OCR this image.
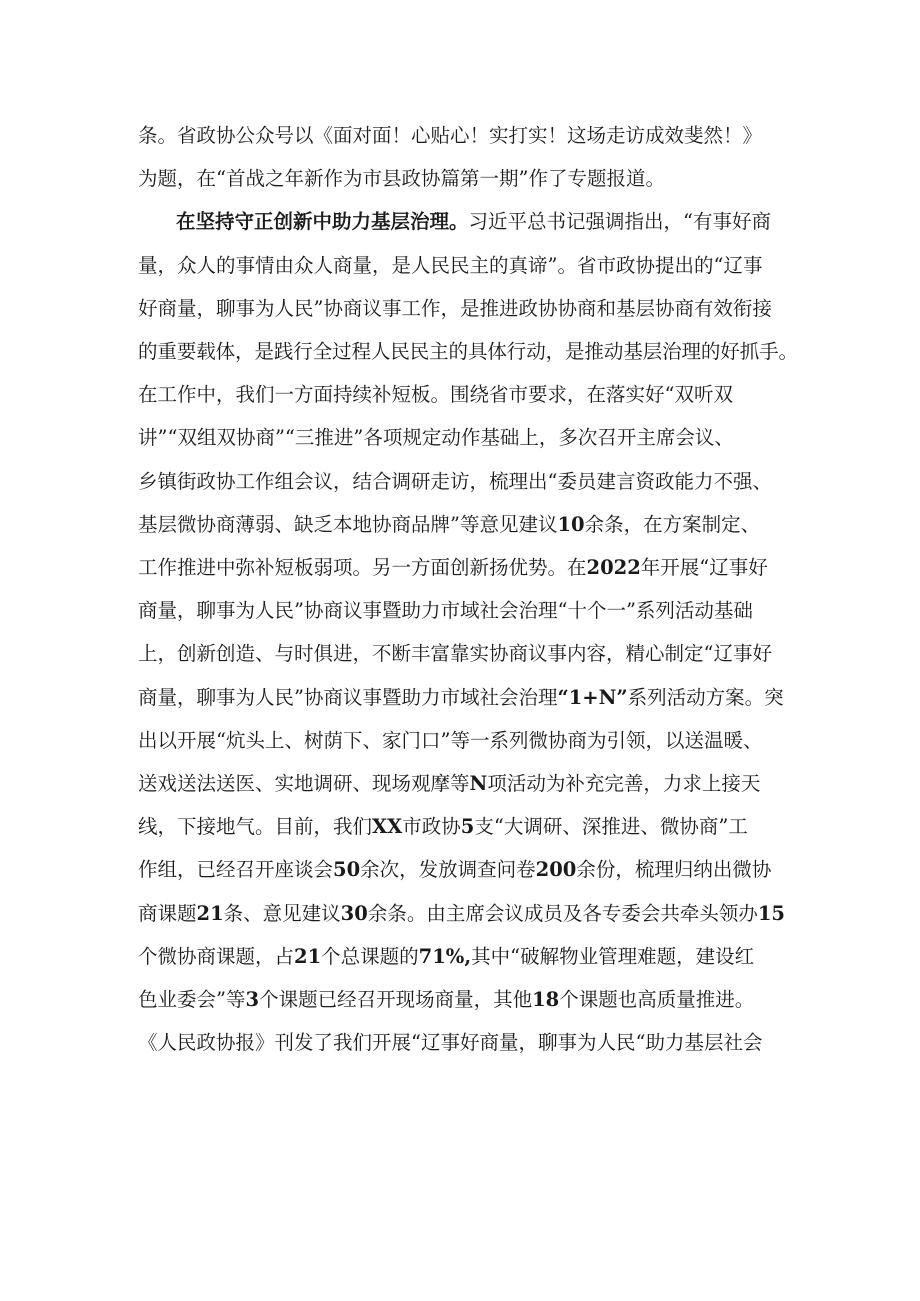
条。省政协公众号以《面对面！心贴心！实打实！这场走访成效斐然！》
为题，在“首战之年新作为市县政协篇第一期”作了专题报道。
在坚持守正创新中助力基层治理。习近平总书记强调指出，“有事好商
量，众人的事情由众人商量，是人民民主的真谛”。省市政协提出的“辽事
好商量，聊事为人民”协商议事工作，是推进政协协商和基层协商有效衔接
的重要载体，是践行全过程人民民主的具体行动，是推动基层治理的好抓手。
在工作中，我们一方面持续补短板。围绕省市要求，在落实好“双听双
讲”“双组双协商”“三推进”各项规定动作基础上，多次召开主席会议、
乡镇街政协工作组会议，结合调研走访，梳理出“委员建言资政能力不强、
基层微协商薄弱、缺乏本地协商品牌”等意见建议10余条，在方案制定、
工作推进中弥补短板弱项。另一方面创新扬优势。在2022年开展“辽事好
商量，聊事为人民”协商议事暨助力市域社会治理“十个一”系列活动基础
上，创新创造、与时俱进，不断丰富靠实协商议事内容，精心制定“辽事好
商量，聊事为人民”协商议事暨助力市域社会治理“1+N”系列活动方案。突
出以开展“炕头上、树荫下、家门口”等一系列微协商为引领，以送温暖、
送戏送法送医、实地调研、现场观摩等N项活动为补充完善，力求上接天
线，下接地气。目前，我们XX市政协5支“大调研、深推进、微协商”工
作组，已经召开座谈会50余次，发放调查问卷200余份，梳理归纳出微协
商课题21条、意见建议30余条。由主席会议成员及各专委会共牵头领办15
个微协商课题，占21个总课题的71%,其中“破解物业管理难题，建设红
色业委会”等3个课题已经召开现场商量，其他18个课题也高质量推进。
《人民政协报》刊发了我们开展“辽事好商量，聊事为人民“助力基层社会
